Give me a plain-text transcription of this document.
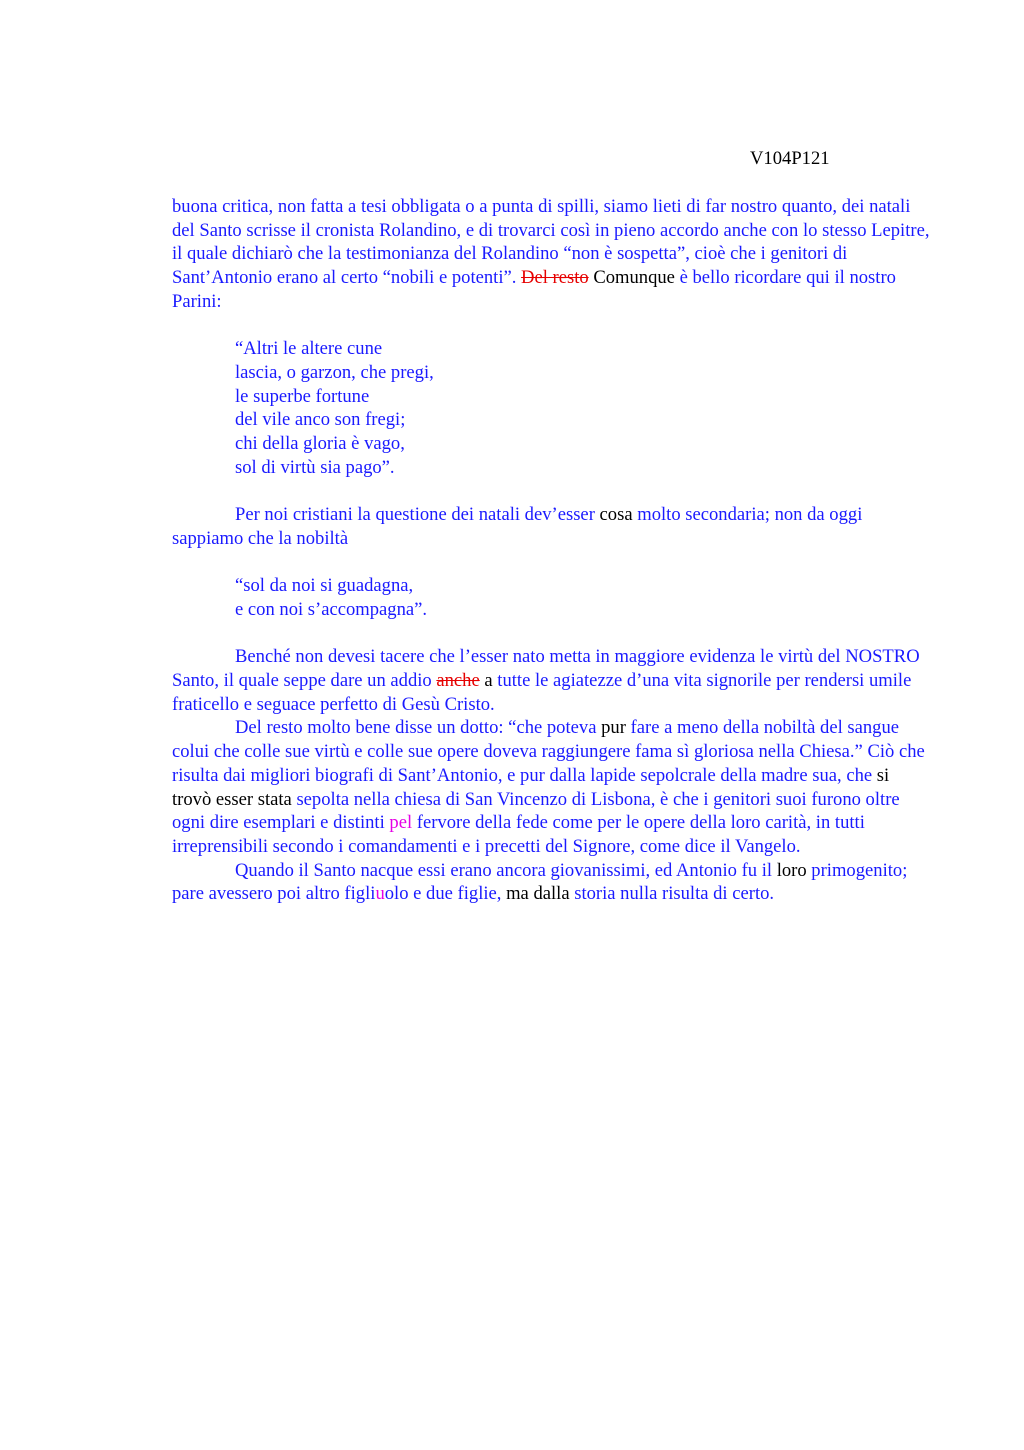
V104P121

buona critica, non fatta a tesi obbligata o a punta di spilli, siamo lieti di far nostro quanto, dei natali del Santo scrisse il cronista Rolandino, e di trovarci così in pieno accordo anche con lo stesso Lepitre, il quale dichiarò che la testimonianza del Rolandino “non è sospetta”, cioè che i genitori di Sant’Antonio erano al certo “nobili e potenti”. Del resto Comunque è bello ricordare qui il nostro Parini:

“Altri le altere cune
lascia, o garzon, che pregi,
le superbe fortune
del vile anco son fregi;
chi della gloria è vago,
sol di virtù sia pago”.

Per noi cristiani la questione dei natali dev’esser cosa molto secondaria; non da oggi sappiamo che la nobiltà

“sol da noi si guadagna,
e con noi s’accompagna”.

Benché non devesi tacere che l’esser nato metta in maggiore evidenza le virtù del NOSTRO Santo, il quale seppe dare un addio anche a tutte le agiatezze d’una vita signorile per rendersi umile fraticello e seguace perfetto di Gesù Cristo.

Del resto molto bene disse un dotto: “che poteva pur fare a meno della nobiltà del sangue colui che colle sue virtù e colle sue opere doveva raggiungere fama sì gloriosa nella Chiesa.” Ciò che risulta dai migliori biografi di Sant’Antonio, e pur dalla lapide sepolcrale della madre sua, che si trovò esser stata sepolta nella chiesa di San Vincenzo di Lisbona, è che i genitori suoi furono oltre ogni dire esemplari e distinti pel fervore della fede come per le opere della loro carità, in tutti irreprensibili secondo i comandamenti e i precetti del Signore, come dice il Vangelo.

Quando il Santo nacque essi erano ancora giovanissimi, ed Antonio fu il loro primogenito; pare avessero poi altro figliuolo e due figlie, ma dalla storia nulla risulta di certo.
